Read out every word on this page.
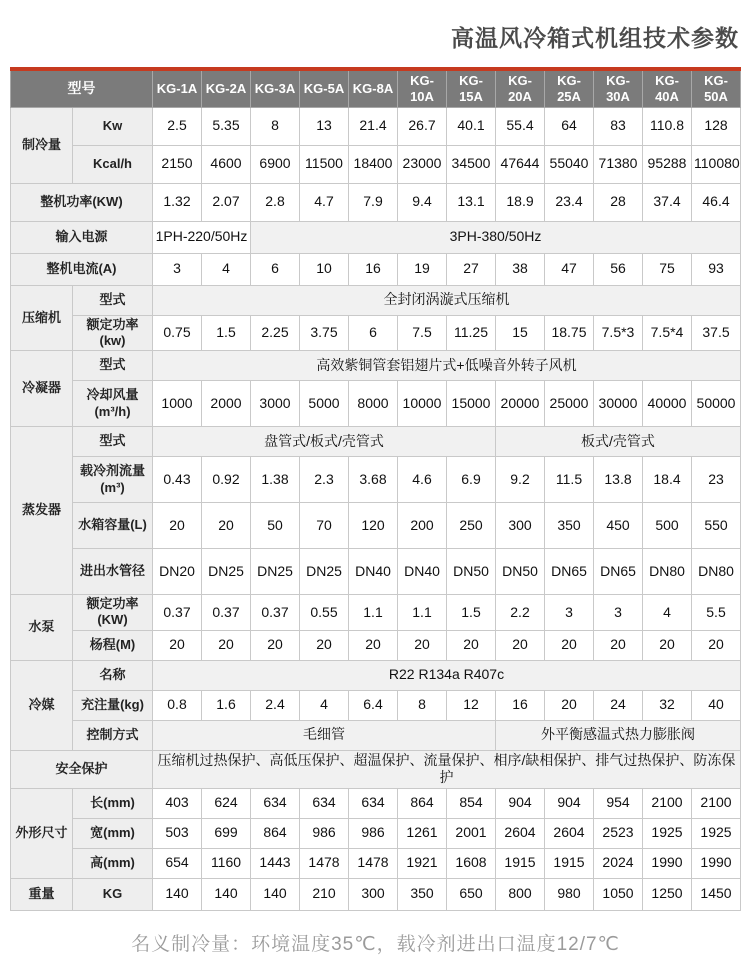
高温风冷箱式机组技术参数
型号		KG-1A	KG-2A	KG-3A	KG-5A	KG-8A	KG-10A	KG-15A	KG-20A	KG-25A	KG-30A	KG-40A	KG-50A
制冷量	Kw	2.5	5.35	8	13	21.4	26.7	40.1	55.4	64	83	110.8	128
	Kcal/h	2150	4600	6900	11500	18400	23000	34500	47644	55040	71380	95288	110080
整机功率(KW)		1.32	2.07	2.8	4.7	7.9	9.4	13.1	18.9	23.4	28	37.4	46.4
输入电源		1PH-220/50Hz		3PH-380/50Hz									
整机电流(A)		3	4	6	10	16	19	27	38	47	56	75	93
压缩机	型式	全封闭涡漩式压缩机											
	额定功率(kw)	0.75	1.5	2.25	3.75	6	7.5	11.25	15	18.75	7.5*3	7.5*4	37.5
冷凝器	型式	高效紫铜管套铝翅片式+低噪音外转子风机											
	冷却风量(m³/h)	1000	2000	3000	5000	8000	10000	15000	20000	25000	30000	40000	50000
蒸发器	型式	盘管式/板式/壳管式							板式/壳管式				
	载冷剂流量(m³)	0.43	0.92	1.38	2.3	3.68	4.6	6.9	9.2	11.5	13.8	18.4	23
	水箱容量(L)	20	20	50	70	120	200	250	300	350	450	500	550
	进出水管径	DN20	DN25	DN25	DN25	DN40	DN40	DN50	DN50	DN65	DN65	DN80	DN80
水泵	额定功率(KW)	0.37	0.37	0.37	0.55	1.1	1.1	1.5	2.2	3	3	4	5.5
	杨程(M)	20	20	20	20	20	20	20	20	20	20	20	20
冷媒	名称	R22 R134a R407c											
	充注量(kg)	0.8	1.6	2.4	4	6.4	8	12	16	20	24	32	40
	控制方式	毛细管							外平衡感温式热力膨胀阀				
安全保护		压缩机过热保护、高低压保护、超温保护、流量保护、相序/缺相保护、排气过热保护、防冻保护											
外形尺寸	长(mm)	403	624	634	634	634	864	854	904	904	954	2100	2100
	宽(mm)	503	699	864	986	986	1261	2001	2604	2604	2523	1925	1925
	高(mm)	654	1160	1443	1478	1478	1921	1608	1915	1915	2024	1990	1990
重量	KG	140	140	140	210	300	350	650	800	980	1050	1250	1450
名义制冷量：环境温度35℃，载冷剂进出口温度12/7℃
